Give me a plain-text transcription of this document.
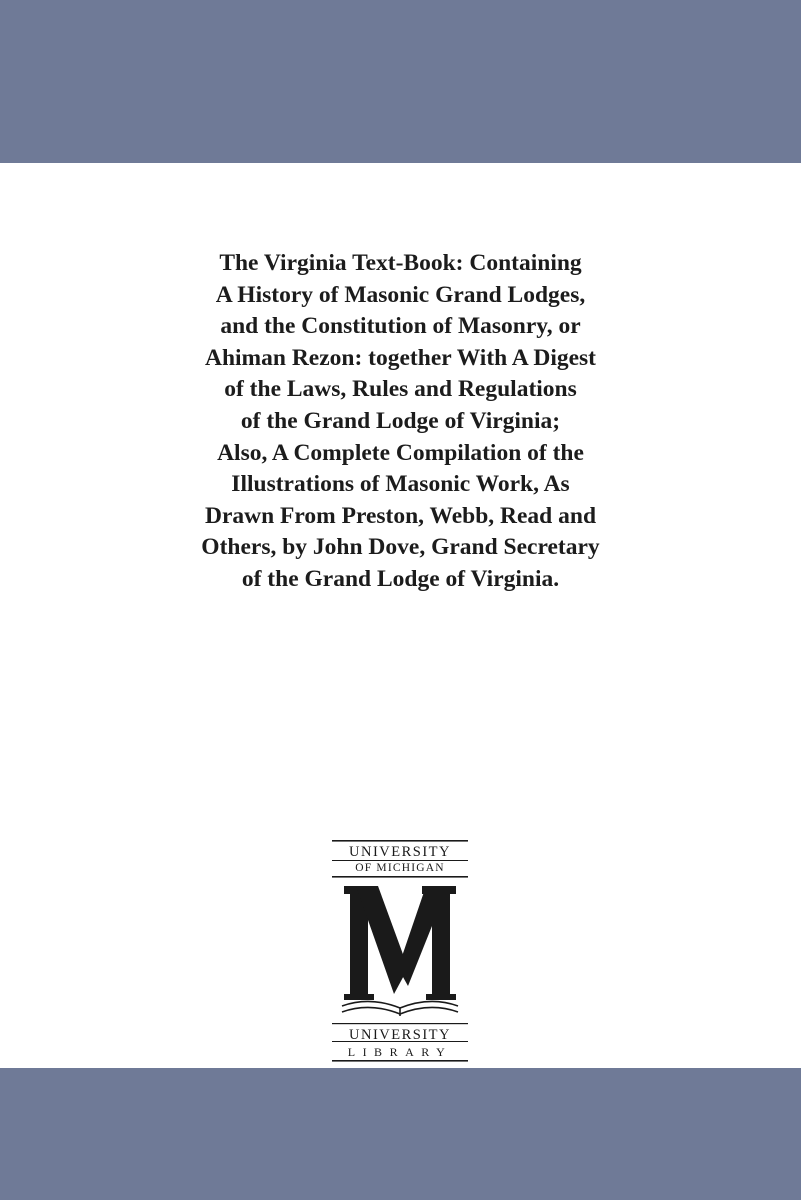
The Virginia Text-Book: Containing
A History of Masonic Grand Lodges,
and the Constitution of Masonry, or
Ahiman Rezon: together With A Digest
of the Laws, Rules and Regulations
of the Grand Lodge of Virginia;
Also, A Complete Compilation of the
Illustrations of Masonic Work, As
Drawn From Preston, Webb, Read and
Others, by John Dove, Grand Secretary
of the Grand Lodge of Virginia.
UNIVERSITY
OF MICHIGAN
UNIVERSITY
LIBRARY
